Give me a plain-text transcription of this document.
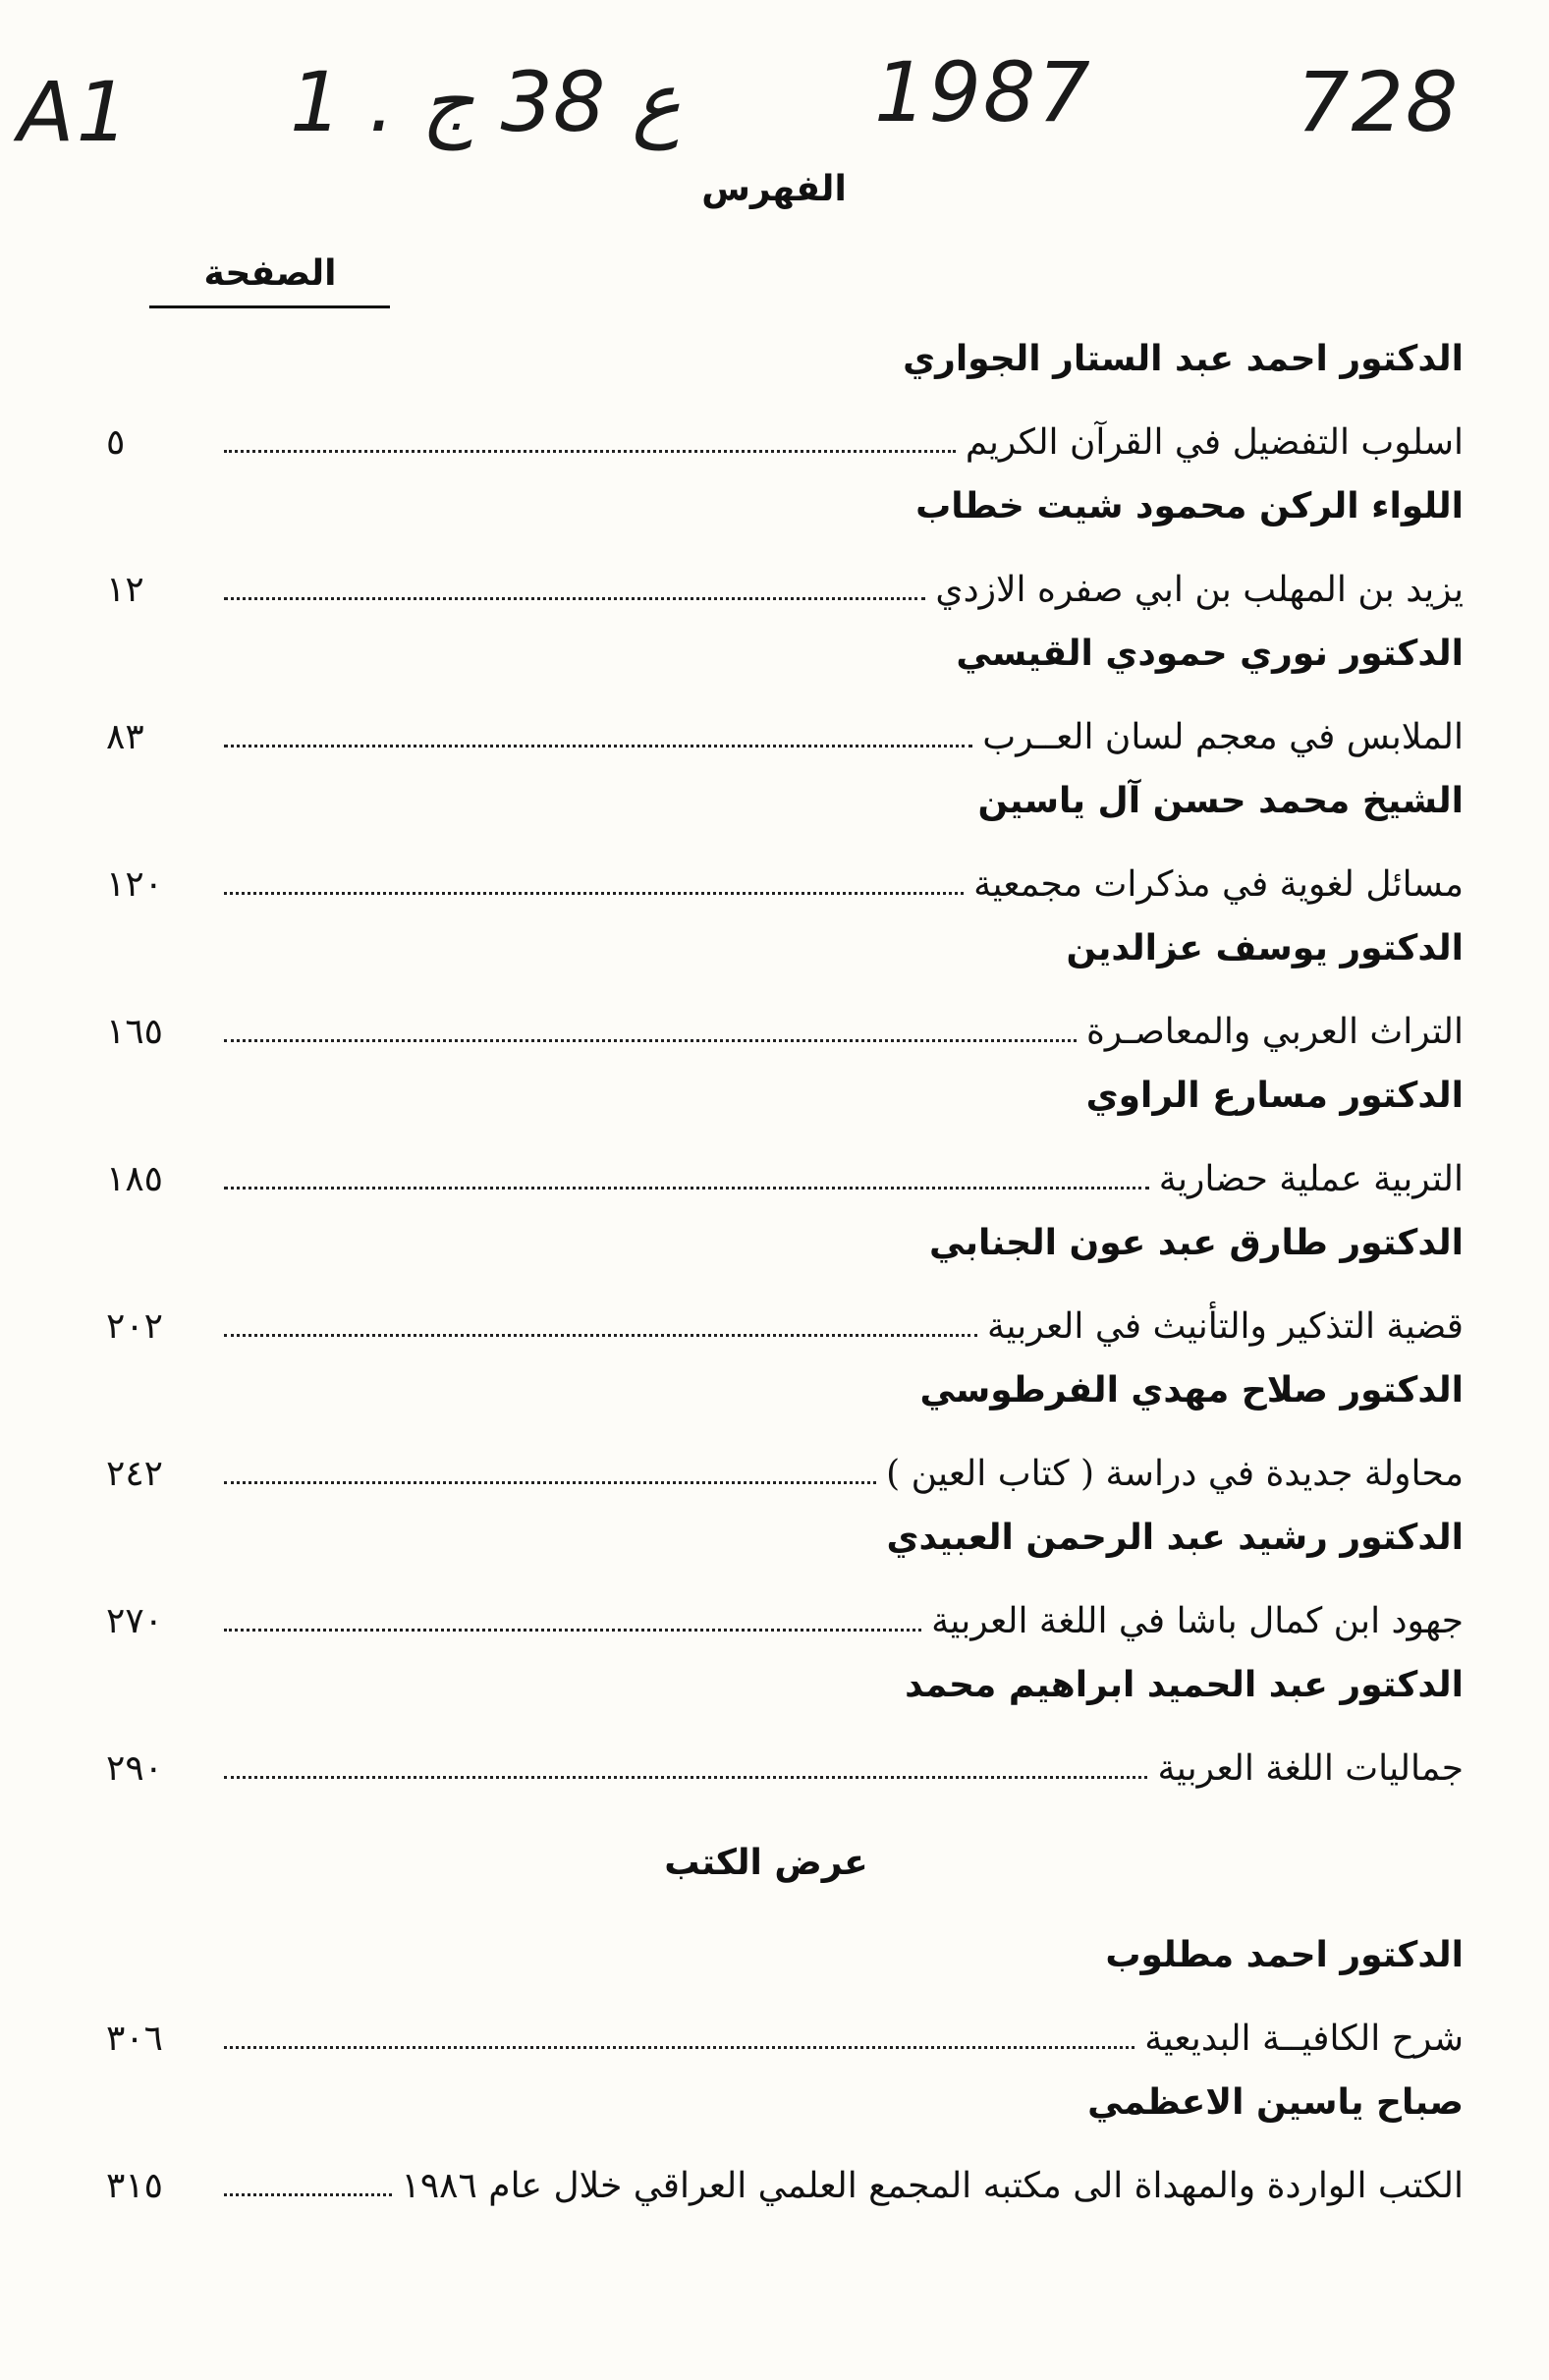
A1 1 . ع 38 ج 1987 728
الفهرس
الصفحة
الدكتور احمد عبد الستار الجواري
٥	اسلوب التفضيل في القرآن الكريم
اللواء الركن محمود شيت خطاب
١٢	يزيد بن المهلب بن ابي صفره الازدي
الدكتور نوري حمودي القيسي
٨٣	الملابس في معجم لسان العــرب
الشيخ محمد حسن آل ياسين
١٢٠	مسائل لغوية في مذكرات مجمعية
الدكتور يوسف عزالدين
١٦٥	التراث العربي والمعاصـرة
الدكتور مسارع الراوي
١٨٥	التربية عملية حضارية
الدكتور طارق عبد عون الجنابي
٢٠٢	قضية التذكير والتأنيث في العربية
الدكتور صلاح مهدي الفرطوسي
٢٤٢	محاولة جديدة في دراسة ( كتاب العين )
الدكتور رشيد عبد الرحمن العبيدي
٢٧٠	جهود ابن كمال باشا في اللغة العربية
الدكتور عبد الحميد ابراهيم محمد
٢٩٠	جماليات اللغة العربية
عرض الكتب
الدكتور احمد مطلوب
٣٠٦	شرح الكافيــة البديعية
صباح ياسين الاعظمي
٣١٥	الكتب الواردة والمهداة الى مكتبه المجمع العلمي العراقي خلال عام ١٩٨٦
